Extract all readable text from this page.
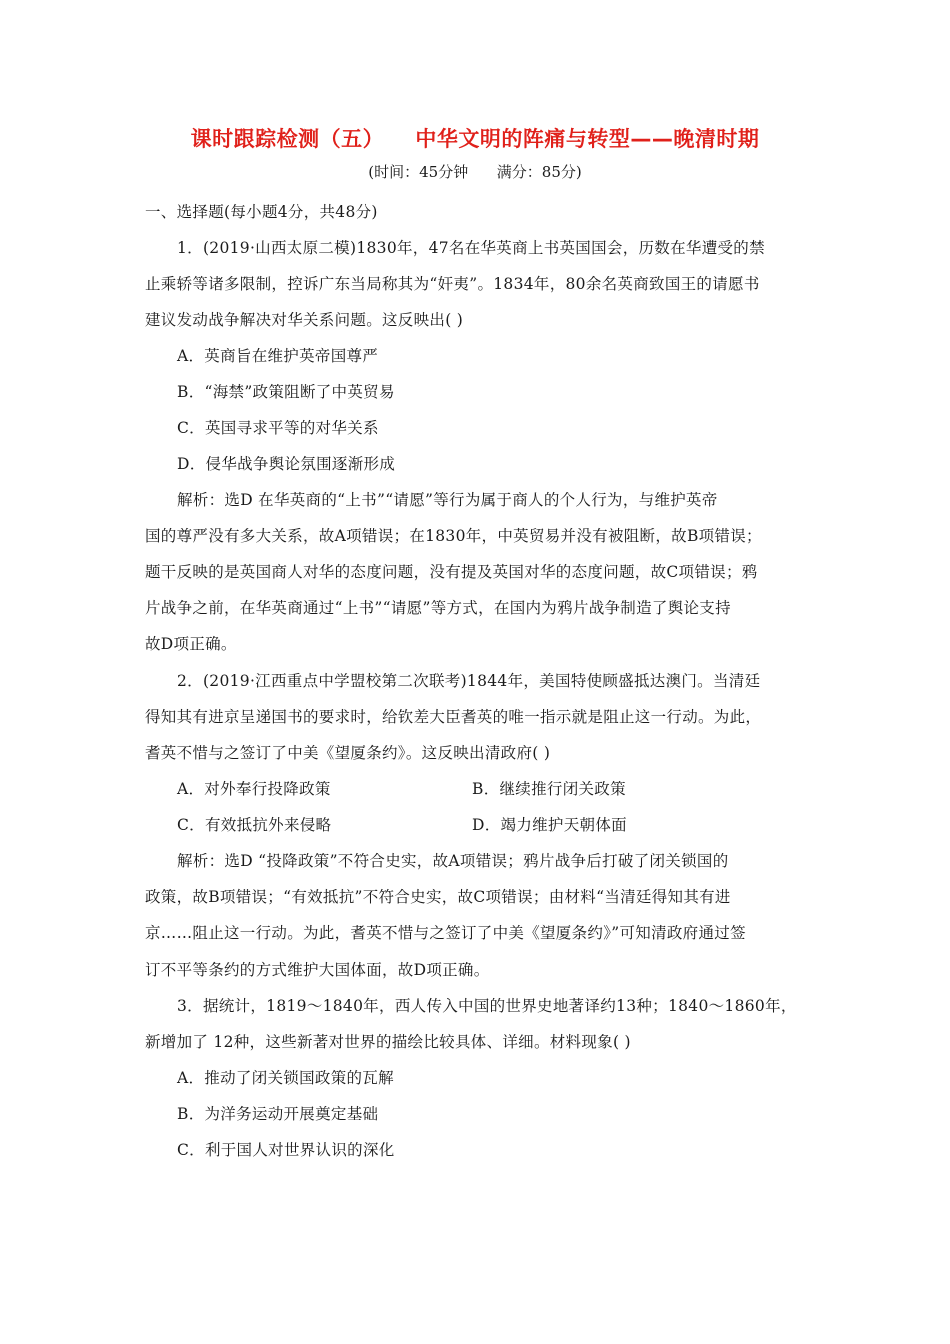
课时跟踪检测（五）    中华文明的阵痛与转型——晚清时期
(时间：45分钟      满分：85分)
一、选择题(每小题4分，共48分)
1．(2019·山西太原二模)1830年，47名在华英商上书英国国会，历数在华遭受的禁
止乘轿等诸多限制，控诉广东当局称其为“奸夷”。1834年，80余名英商致国王的请愿书
建议发动战争解决对华关系问题。这反映出( )
A．英商旨在维护英帝国尊严
B．“海禁”政策阻断了中英贸易
C．英国寻求平等的对华关系
D．侵华战争舆论氛围逐渐形成
解析：选D 在华英商的“上书”“请愿”等行为属于商人的个人行为，与维护英帝
国的尊严没有多大关系，故A项错误；在1830年，中英贸易并没有被阻断，故B项错误；
题干反映的是英国商人对华的态度问题，没有提及英国对华的态度问题，故C项错误；鸦
片战争之前，在华英商通过“上书”“请愿”等方式，在国内为鸦片战争制造了舆论支持
故D项正确。
2．(2019·江西重点中学盟校第二次联考)1844年，美国特使顾盛抵达澳门。当清廷
得知其有进京呈递国书的要求时，给钦差大臣耆英的唯一指示就是阻止这一行动。为此，
耆英不惜与之签订了中美《望厦条约》。这反映出清政府( )
A．对外奉行投降政策	B．继续推行闭关政策
C．有效抵抗外来侵略	D．竭力维护天朝体面
解析：选D “投降政策”不符合史实，故A项错误；鸦片战争后打破了闭关锁国的
政策，故B项错误；“有效抵抗”不符合史实，故C项错误；由材料“当清廷得知其有进
京……阻止这一行动。为此，耆英不惜与之签订了中美《望厦条约》”可知清政府通过签
订不平等条约的方式维护大国体面，故D项正确。
3．据统计，1819～1840年，西人传入中国的世界史地著译约13种；1840～1860年，
新增加了 12种，这些新著对世界的描绘比较具体、详细。材料现象( )
A．推动了闭关锁国政策的瓦解
B．为洋务运动开展奠定基础
C．利于国人对世界认识的深化
